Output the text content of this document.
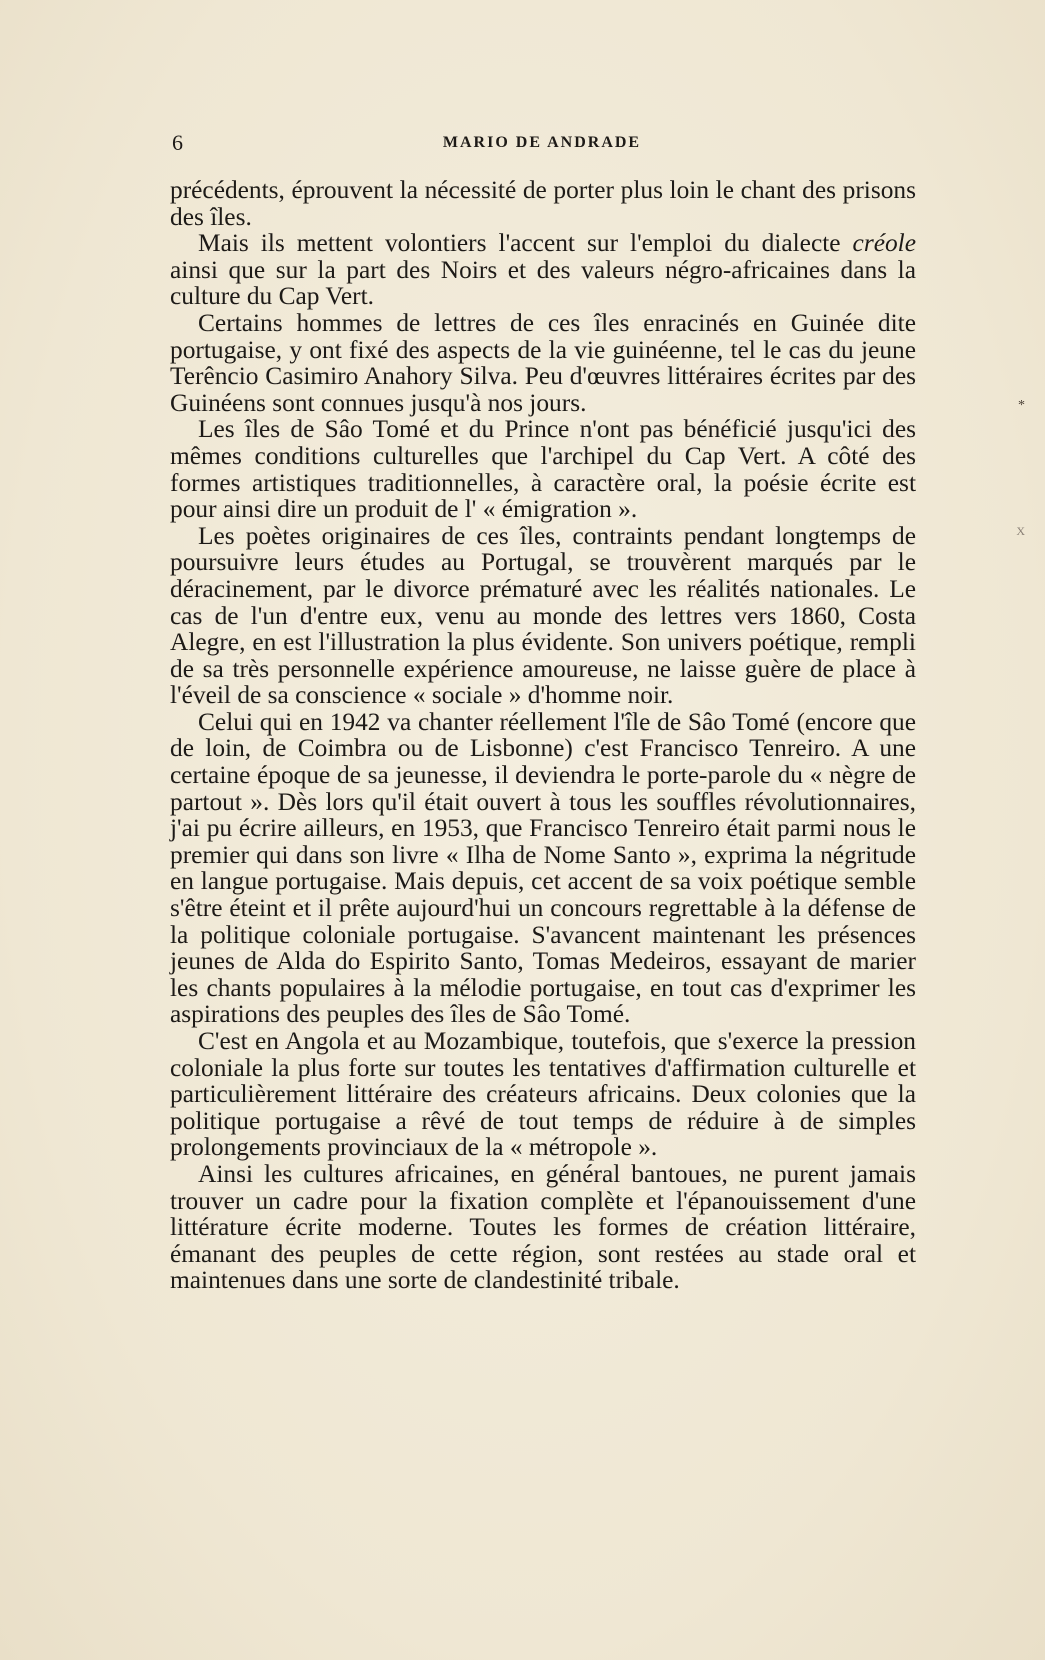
6	MARIO DE ANDRADE

précédents, éprouvent la nécessité de porter plus loin le chant des prisons des îles.

Mais ils mettent volontiers l'accent sur l'emploi du dialecte créole ainsi que sur la part des Noirs et des valeurs négro-africaines dans la culture du Cap Vert.

Certains hommes de lettres de ces îles enracinés en Guinée dite portugaise, y ont fixé des aspects de la vie guinéenne, tel le cas du jeune Terêncio Casimiro Anahory Silva. Peu d'œuvres littéraires écrites par des Guinéens sont connues jusqu'à nos jours.

Les îles de Sâo Tomé et du Prince n'ont pas bénéficié jusqu'ici des mêmes conditions culturelles que l'archipel du Cap Vert. A côté des formes artistiques traditionnelles, à caractère oral, la poésie écrite est pour ainsi dire un produit de l' « émigration ».

Les poètes originaires de ces îles, contraints pendant longtemps de poursuivre leurs études au Portugal, se trouvèrent marqués par le déracinement, par le divorce prématuré avec les réalités nationales. Le cas de l'un d'entre eux, venu au monde des lettres vers 1860, Costa Alegre, en est l'illustration la plus évidente. Son univers poétique, rempli de sa très personnelle expérience amoureuse, ne laisse guère de place à l'éveil de sa conscience « sociale » d'homme noir.

Celui qui en 1942 va chanter réellement l'île de Sâo Tomé (encore que de loin, de Coimbra ou de Lisbonne) c'est Francisco Tenreiro. A une certaine époque de sa jeunesse, il deviendra le porte-parole du « nègre de partout ». Dès lors qu'il était ouvert à tous les souffles révolutionnaires, j'ai pu écrire ailleurs, en 1953, que Francisco Tenreiro était parmi nous le premier qui dans son livre « Ilha de Nome Santo », exprima la négritude en langue portugaise. Mais depuis, cet accent de sa voix poétique semble s'être éteint et il prête aujourd'hui un concours regrettable à la défense de la politique coloniale portugaise. S'avancent maintenant les présences jeunes de Alda do Espirito Santo, Tomas Medeiros, essayant de marier les chants populaires à la mélodie portugaise, en tout cas d'exprimer les aspirations des peuples des îles de Sâo Tomé.

C'est en Angola et au Mozambique, toutefois, que s'exerce la pression coloniale la plus forte sur toutes les tentatives d'affirmation culturelle et particulièrement littéraire des créateurs africains. Deux colonies que la politique portugaise a rêvé de tout temps de réduire à de simples prolongements provinciaux de la « métropole ».

Ainsi les cultures africaines, en général bantoues, ne purent jamais trouver un cadre pour la fixation complète et l'épanouissement d'une littérature écrite moderne. Toutes les formes de création littéraire, émanant des peuples de cette région, sont restées au stade oral et maintenues dans une sorte de clandestinité tribale.

*
X
